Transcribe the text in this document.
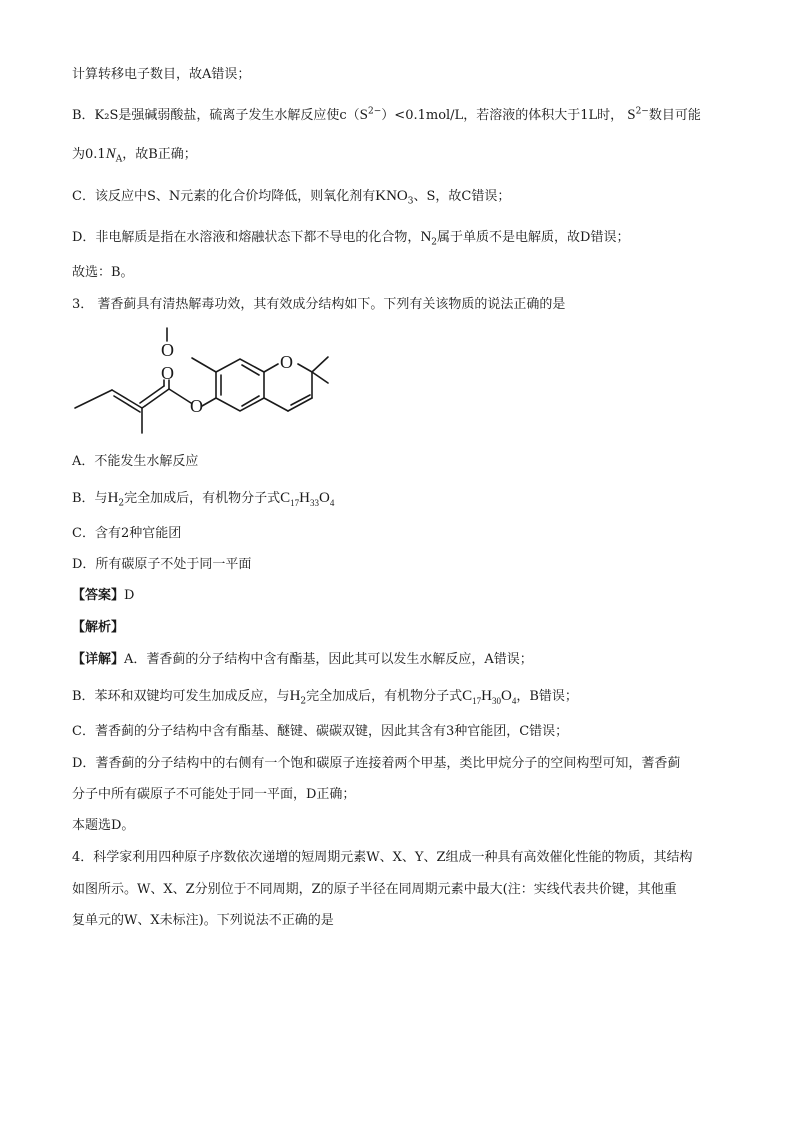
计算转移电子数目，故A错误；
B．K₂S是强碱弱酸盐，硫离子发生水解反应使$c(S^{2-})<0.1mol/L$，若溶液的体积大于1L时， $S^{2-}$数目可能
为$0.1N_A$，故B正确；
C．该反应中S、N元素的化合价均降低，则氧化剂有$KNO_3$、S，故C错误；
D．非电解质是指在水溶液和熔融状态下都不导电的化合物，$N_2$属于单质不是电解质，故D错误；
故选：B。
3． 蓍香蓟具有清热解毒功效，其有效成分结构如下。下列有关该物质的说法正确的是
O
O
O
O
A．不能发生水解反应
B．与$H_2$完全加成后，有机物分子式$C_{17}H_{33}O_4$
C．含有2种官能团
D．所有碳原子不处于同一平面
【答案】D
【解析】
【详解】A．蓍香蓟的分子结构中含有酯基，因此其可以发生水解反应，A错误；
B．苯环和双键均可发生加成反应，与$H_2$完全加成后，有机物分子式$C_{17}H_{30}O_4$，B错误；
C．蓍香蓟的分子结构中含有酯基、醚键、碳碳双键，因此其含有3种官能团，C错误；
D．蓍香蓟的分子结构中的右侧有一个饱和碳原子连接着两个甲基，类比甲烷分子的空间构型可知，蓍香蓟
分子中所有碳原子不可能处于同一平面，D正确；
本题选D。
4．科学家利用四种原子序数依次递增的短周期元素W、X、Y、Z组成一种具有高效催化性能的物质，其结构
如图所示。W、X、Z分别位于不同周期，Z的原子半径在同周期元素中最大(注：实线代表共价键，其他重
复单元的W、X未标注)。下列说法不正确的是
